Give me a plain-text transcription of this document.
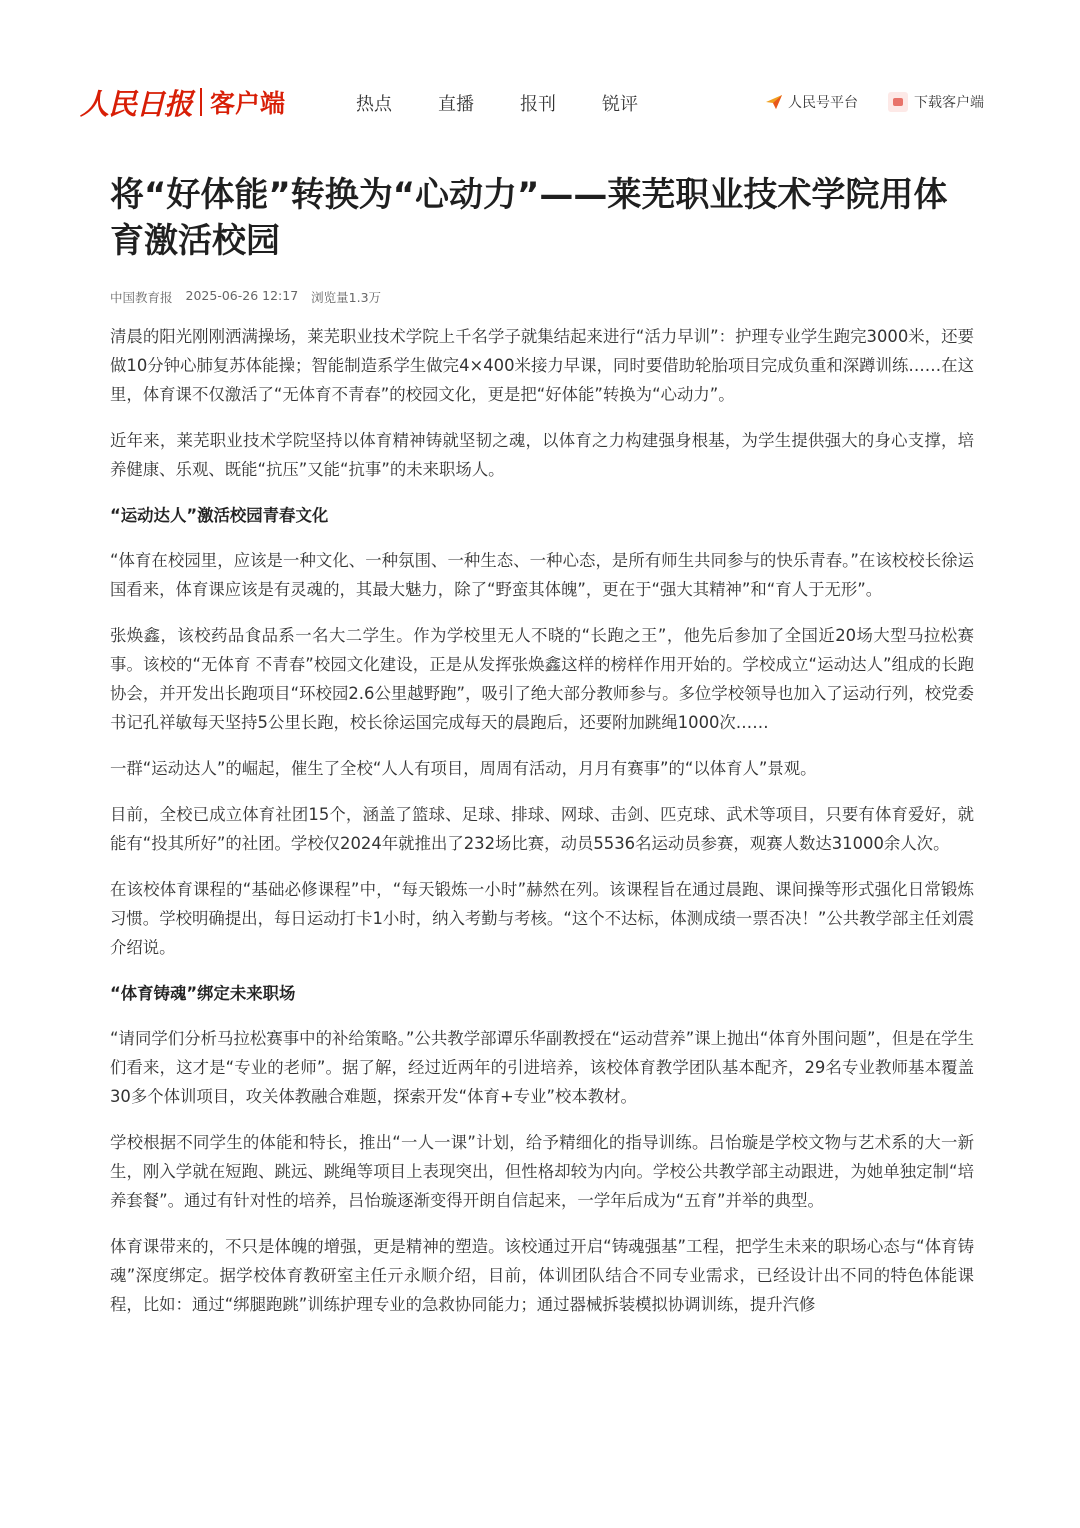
人民日报 客户端	热点	直播	报刊	锐评	人民号平台	下载客户端
将“好体能”转换为“心动力”——莱芜职业技术学院用体育激活校园
中国教育报 2025-06-26 12:17 浏览量1.3万

清晨的阳光刚刚洒满操场，莱芜职业技术学院上千名学子就集结起来进行“活力早训”：护理专业学生跑完3000米，还要做10分钟心肺复苏体能操；智能制造系学生做完4×400米接力早课，同时要借助轮胎项目完成负重和深蹲训练……在这里，体育课不仅激活了“无体育不青春”的校园文化，更是把“好体能”转换为“心动力”。

近年来，莱芜职业技术学院坚持以体育精神铸就坚韧之魂，以体育之力构建强身根基，为学生提供强大的身心支撑，培养健康、乐观、既能“抗压”又能“抗事”的未来职场人。

“运动达人”激活校园青春文化

“体育在校园里，应该是一种文化、一种氛围、一种生态、一种心态，是所有师生共同参与的快乐青春。”在该校校长徐运国看来，体育课应该是有灵魂的，其最大魅力，除了“野蛮其体魄”，更在于“强大其精神”和“育人于无形”。

张焕鑫，该校药品食品系一名大二学生。作为学校里无人不晓的“长跑之王”，他先后参加了全国近20场大型马拉松赛事。该校的“无体育 不青春”校园文化建设，正是从发挥张焕鑫这样的榜样作用开始的。学校成立“运动达人”组成的长跑协会，并开发出长跑项目“环校园2.6公里越野跑”，吸引了绝大部分教师参与。多位学校领导也加入了运动行列，校党委书记孔祥敏每天坚持5公里长跑，校长徐运国完成每天的晨跑后，还要附加跳绳1000次……

一群“运动达人”的崛起，催生了全校“人人有项目，周周有活动，月月有赛事”的“以体育人”景观。

目前，全校已成立体育社团15个，涵盖了篮球、足球、排球、网球、击剑、匹克球、武术等项目，只要有体育爱好，就能有“投其所好”的社团。学校仅2024年就推出了232场比赛，动员5536名运动员参赛，观赛人数达31000余人次。

在该校体育课程的“基础必修课程”中，“每天锻炼一小时”赫然在列。该课程旨在通过晨跑、课间操等形式强化日常锻炼习惯。学校明确提出，每日运动打卡1小时，纳入考勤与考核。“这个不达标，体测成绩一票否决！”公共教学部主任刘震介绍说。

“体育铸魂”绑定未来职场

“请同学们分析马拉松赛事中的补给策略。”公共教学部谭乐华副教授在“运动营养”课上抛出“体育外围问题”，但是在学生们看来，这才是“专业的老师”。据了解，经过近两年的引进培养，该校体育教学团队基本配齐，29名专业教师基本覆盖30多个体训项目，攻关体教融合难题，探索开发“体育+专业”校本教材。

学校根据不同学生的体能和特长，推出“一人一课”计划，给予精细化的指导训练。吕怡璇是学校文物与艺术系的大一新生，刚入学就在短跑、跳远、跳绳等项目上表现突出，但性格却较为内向。学校公共教学部主动跟进，为她单独定制“培养套餐”。通过有针对性的培养，吕怡璇逐渐变得开朗自信起来，一学年后成为“五育”并举的典型。

体育课带来的，不只是体魄的增强，更是精神的塑造。该校通过开启“铸魂强基”工程，把学生未来的职场心态与“体育铸魂”深度绑定。据学校体育教研室主任亓永顺介绍，目前，体训团队结合不同专业需求，已经设计出不同的特色体能课程，比如：通过“绑腿跑跳”训练护理专业的急救协同能力；通过器械拆装模拟协调训练，提升汽修
